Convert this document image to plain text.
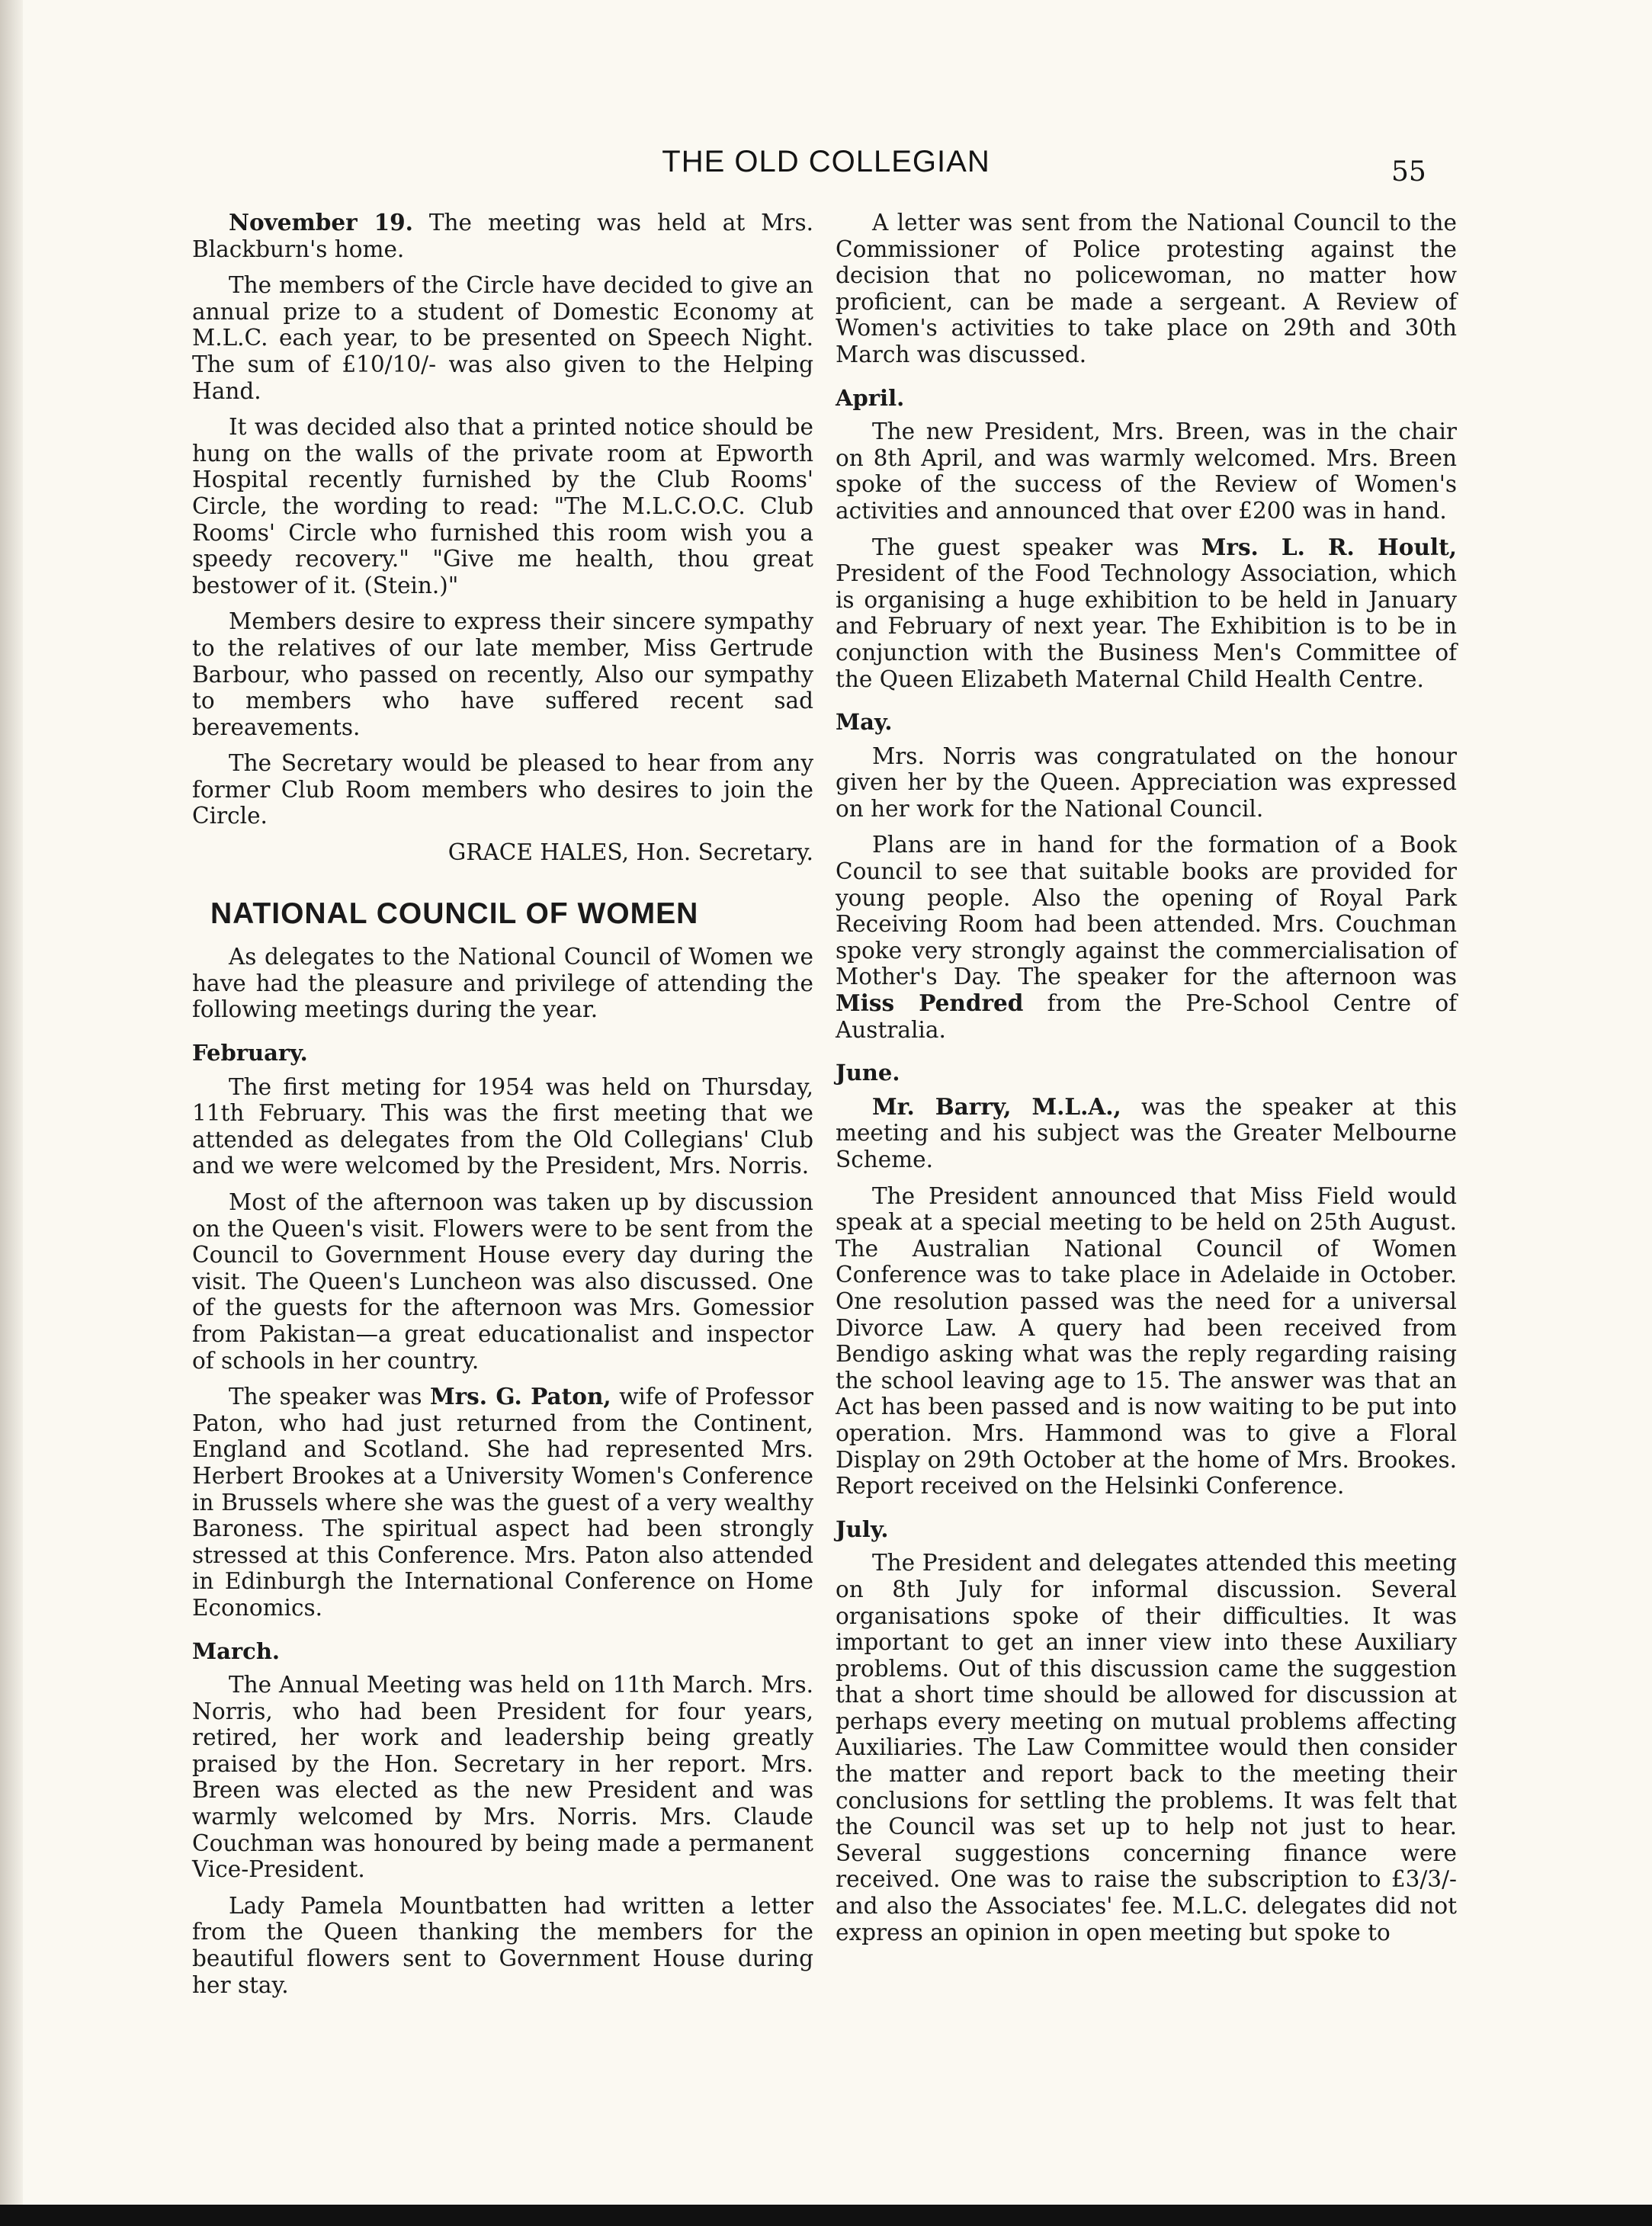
THE OLD COLLEGIAN	55

November 19. The meeting was held at Mrs. Blackburn's home.

The members of the Circle have decided to give an annual prize to a student of Domestic Economy at M.L.C. each year, to be presented on Speech Night. The sum of £10/10/- was also given to the Helping Hand.

It was decided also that a printed notice should be hung on the walls of the private room at Epworth Hospital recently furnished by the Club Rooms' Circle, the wording to read: "The M.L.C.O.C. Club Rooms' Circle who furnished this room wish you a speedy recovery." "Give me health, thou great bestower of it. (Stein.)"

Members desire to express their sincere sympathy to the relatives of our late member, Miss Gertrude Barbour, who passed on recently, Also our sympathy to members who have suffered recent sad bereavements.

The Secretary would be pleased to hear from any former Club Room members who desires to join the Circle.

GRACE HALES, Hon. Secretary.

NATIONAL COUNCIL OF WOMEN

As delegates to the National Council of Women we have had the pleasure and privilege of attending the following meetings during the year.

February.

The first meting for 1954 was held on Thursday, 11th February. This was the first meeting that we attended as delegates from the Old Collegians' Club and we were welcomed by the President, Mrs. Norris.

Most of the afternoon was taken up by discussion on the Queen's visit. Flowers were to be sent from the Council to Government House every day during the visit. The Queen's Luncheon was also discussed. One of the guests for the afternoon was Mrs. Gomessior from Pakistan—a great educationalist and inspector of schools in her country.

The speaker was Mrs. G. Paton, wife of Professor Paton, who had just returned from the Continent, England and Scotland. She had represented Mrs. Herbert Brookes at a University Women's Conference in Brussels where she was the guest of a very wealthy Baroness. The spiritual aspect had been strongly stressed at this Conference. Mrs. Paton also attended in Edinburgh the International Conference on Home Economics.

March.

The Annual Meeting was held on 11th March. Mrs. Norris, who had been President for four years, retired, her work and leadership being greatly praised by the Hon. Secretary in her report. Mrs. Breen was elected as the new President and was warmly welcomed by Mrs. Norris. Mrs. Claude Couchman was honoured by being made a permanent Vice-President.

Lady Pamela Mountbatten had written a letter from the Queen thanking the members for the beautiful flowers sent to Government House during her stay.

A letter was sent from the National Council to the Commissioner of Police protesting against the decision that no policewoman, no matter how proficient, can be made a sergeant. A Review of Women's activities to take place on 29th and 30th March was discussed.

April.

The new President, Mrs. Breen, was in the chair on 8th April, and was warmly welcomed. Mrs. Breen spoke of the success of the Review of Women's activities and announced that over £200 was in hand.

The guest speaker was Mrs. L. R. Hoult, President of the Food Technology Association, which is organising a huge exhibition to be held in January and February of next year. The Exhibition is to be in conjunction with the Business Men's Committee of the Queen Elizabeth Maternal Child Health Centre.

May.

Mrs. Norris was congratulated on the honour given her by the Queen. Appreciation was expressed on her work for the National Council.

Plans are in hand for the formation of a Book Council to see that suitable books are provided for young people. Also the opening of Royal Park Receiving Room had been attended. Mrs. Couchman spoke very strongly against the commercialisation of Mother's Day. The speaker for the afternoon was Miss Pendred from the Pre-School Centre of Australia.

June.

Mr. Barry, M.L.A., was the speaker at this meeting and his subject was the Greater Melbourne Scheme.

The President announced that Miss Field would speak at a special meeting to be held on 25th August. The Australian National Council of Women Conference was to take place in Adelaide in October. One resolution passed was the need for a universal Divorce Law. A query had been received from Bendigo asking what was the reply regarding raising the school leaving age to 15. The answer was that an Act has been passed and is now waiting to be put into operation. Mrs. Hammond was to give a Floral Display on 29th October at the home of Mrs. Brookes. Report received on the Helsinki Conference.

July.

The President and delegates attended this meeting on 8th July for informal discussion. Several organisations spoke of their difficulties. It was important to get an inner view into these Auxiliary problems. Out of this discussion came the suggestion that a short time should be allowed for discussion at perhaps every meeting on mutual problems affecting Auxiliaries. The Law Committee would then consider the matter and report back to the meeting their conclusions for settling the problems. It was felt that the Council was set up to help not just to hear. Several suggestions concerning finance were received. One was to raise the subscription to £3/3/- and also the Associates' fee. M.L.C. delegates did not express an opinion in open meeting but spoke to
